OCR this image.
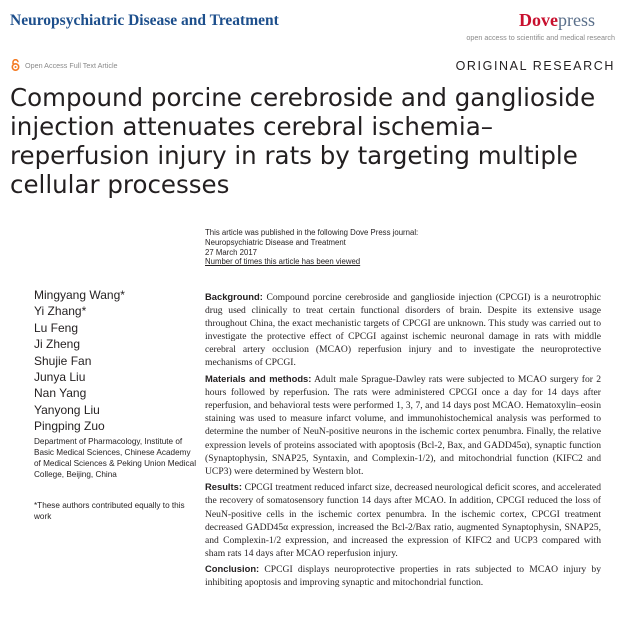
Neuropsychiatric Disease and Treatment	Dovepress
open access to scientific and medical research
Open Access Full Text Article	ORIGINAL RESEARCH
Compound porcine cerebroside and ganglioside injection attenuates cerebral ischemia–reperfusion injury in rats by targeting multiple cellular processes
This article was published in the following Dove Press journal:
Neuropsychiatric Disease and Treatment
27 March 2017
Number of times this article has been viewed
Mingyang Wang*
Yi Zhang*
Lu Feng
Ji Zheng
Shujie Fan
Junya Liu
Nan Yang
Yanyong Liu
Pingping Zuo
Department of Pharmacology, Institute of Basic Medical Sciences, Chinese Academy of Medical Sciences & Peking Union Medical College, Beijing, China
*These authors contributed equally to this work

Background: Compound porcine cerebroside and ganglioside injection (CPCGI) is a neurotrophic drug used clinically to treat certain functional disorders of brain. Despite its extensive usage throughout China, the exact mechanistic targets of CPCGI are unknown. This study was carried out to investigate the protective effect of CPCGI against ischemic neuronal damage in rats with middle cerebral artery occlusion (MCAO) reperfusion injury and to investigate the neuroprotective mechanisms of CPCGI.

Materials and methods: Adult male Sprague-Dawley rats were subjected to MCAO surgery for 2 hours followed by reperfusion. The rats were administered CPCGI once a day for 14 days after reperfusion, and behavioral tests were performed 1, 3, 7, and 14 days post MCAO. Hematoxylin–eosin staining was used to measure infarct volume, and immunohistochemical analysis was performed to determine the number of NeuN-positive neurons in the ischemic cortex penumbra. Finally, the relative expression levels of proteins associated with apoptosis (Bcl-2, Bax, and GADD45α), synaptic function (Synaptophysin, SNAP25, Syntaxin, and Complexin-1/2), and mitochondrial function (KIFC2 and UCP3) were determined by Western blot.

Results: CPCGI treatment reduced infarct size, decreased neurological deficit scores, and accelerated the recovery of somatosensory function 14 days after MCAO. In addition, CPCGI reduced the loss of NeuN-positive cells in the ischemic cortex penumbra. In the ischemic cortex, CPCGI treatment decreased GADD45α expression, increased the Bcl-2/Bax ratio, augmented Synaptophysin, SNAP25, and Complexin-1/2 expression, and increased the expression of KIFC2 and UCP3 compared with sham rats 14 days after MCAO reperfusion injury.

Conclusion: CPCGI displays neuroprotective properties in rats subjected to MCAO injury by inhibiting apoptosis and improving synaptic and mitochondrial function.
